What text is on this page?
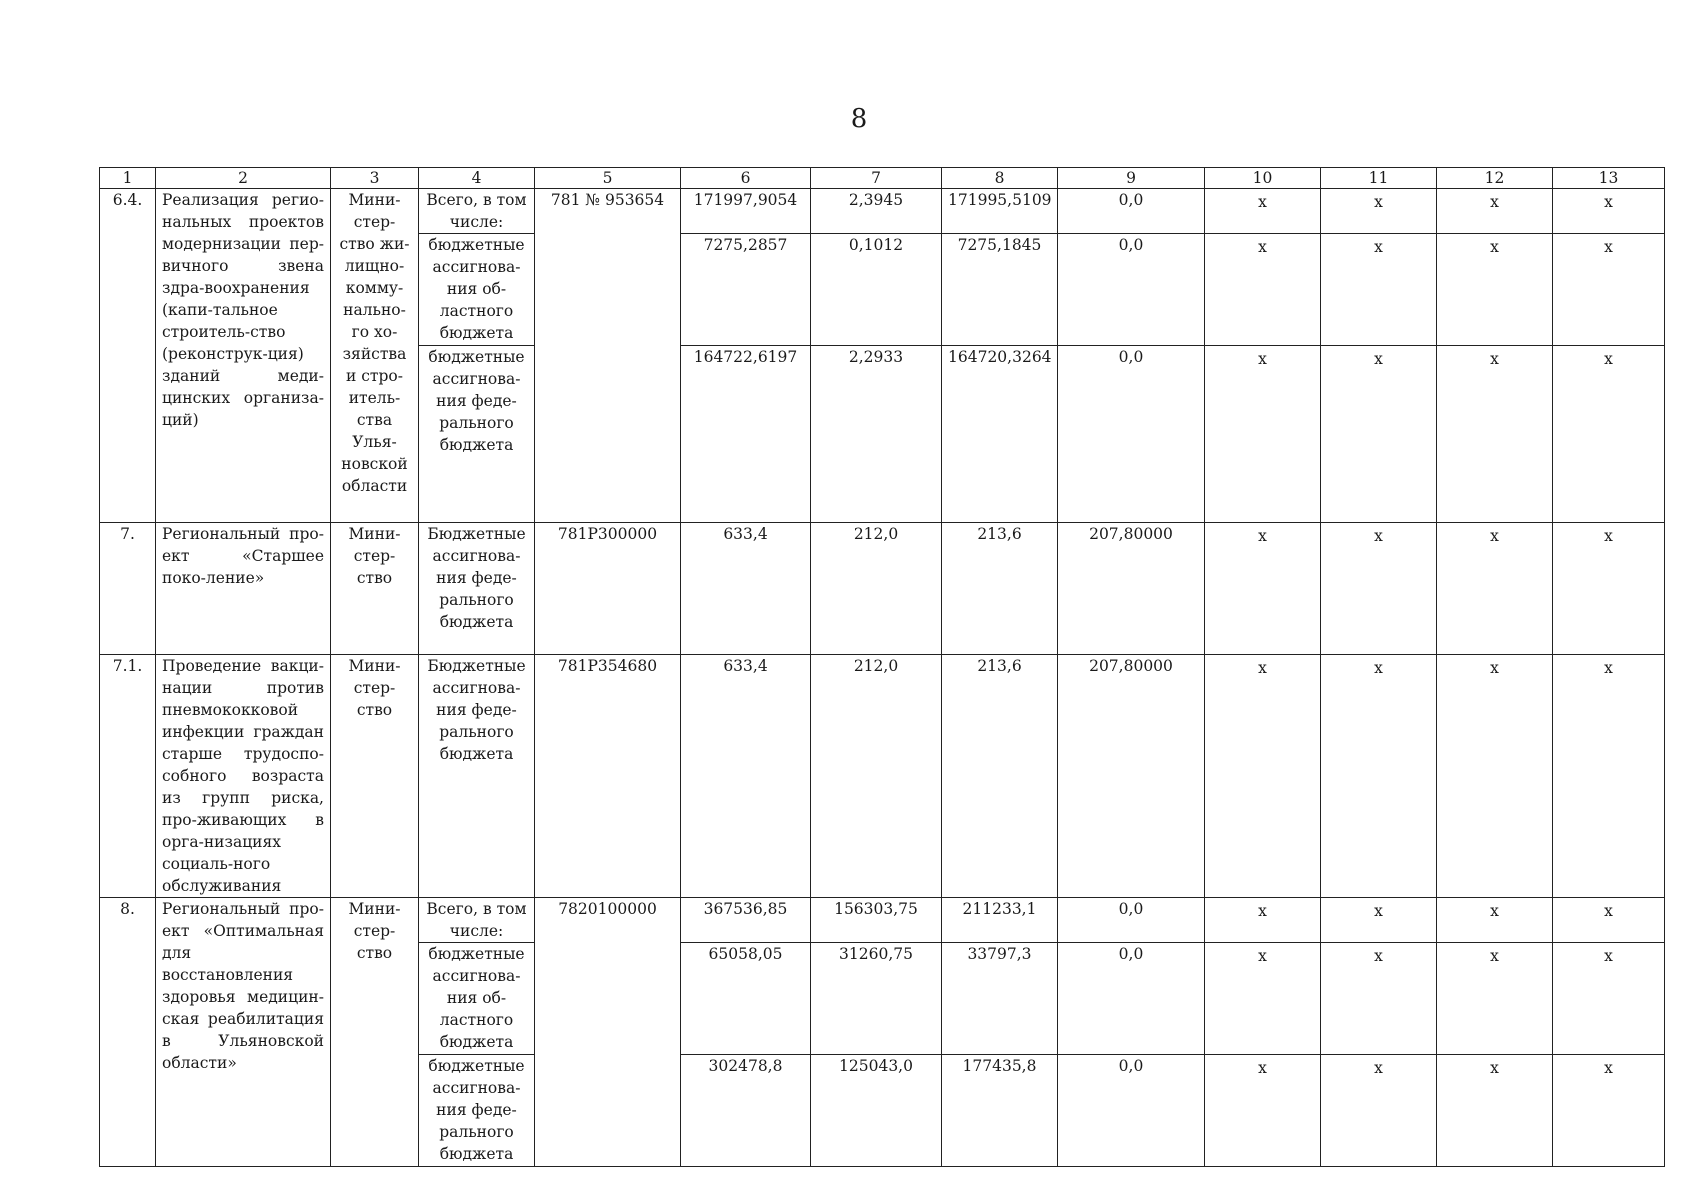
8
1	2	3	4	5	6	7	8	9	10	11	12	13
6.4.	Реализация регио-нальных проектов модернизации пер-вичного звена здра-воохранения (капи-тальное строитель-ство (реконструк-ция) зданий меди-цинских организа-ций)	Мини-стер-ство жи-лищно-комму-нально-го хо-зяйства и стро-итель-ства Улья-новской области	Всего, в том числе:	781 № 953654	171997,9054	2,3945	171995,5109	0,0	x	x	x	x
			бюджетные ассигнова-ния об-ластного бюджета		7275,2857	0,1012	7275,1845	0,0	x	x	x	x
			бюджетные ассигнова-ния феде-рального бюджета		164722,6197	2,2933	164720,3264	0,0	x	x	x	x
7.	Региональный про-ект «Старшее поко-ление»	Мини-стер-ство	Бюджетные ассигнова-ния феде-рального бюджета	781P300000	633,4	212,0	213,6	207,80000	x	x	x	x
7.1.	Проведение вакци-нации против пневмококковой инфекции граждан старше трудоспо-собного возраста из групп риска, про-живающих в орга-низациях социаль-ного обслуживания	Мини-стер-ство	Бюджетные ассигнова-ния феде-рального бюджета	781P354680	633,4	212,0	213,6	207,80000	x	x	x	x
8.	Региональный про-ект «Оптимальная для восстановления здоровья медицин-ская реабилитация в Ульяновской области»	Мини-стер-ство	Всего, в том числе:	7820100000	367536,85	156303,75	211233,1	0,0	x	x	x	x
			бюджетные ассигнова-ния об-ластного бюджета		65058,05	31260,75	33797,3	0,0	x	x	x	x
			бюджетные ассигнова-ния феде-рального бюджета		302478,8	125043,0	177435,8	0,0	x	x	x	x
